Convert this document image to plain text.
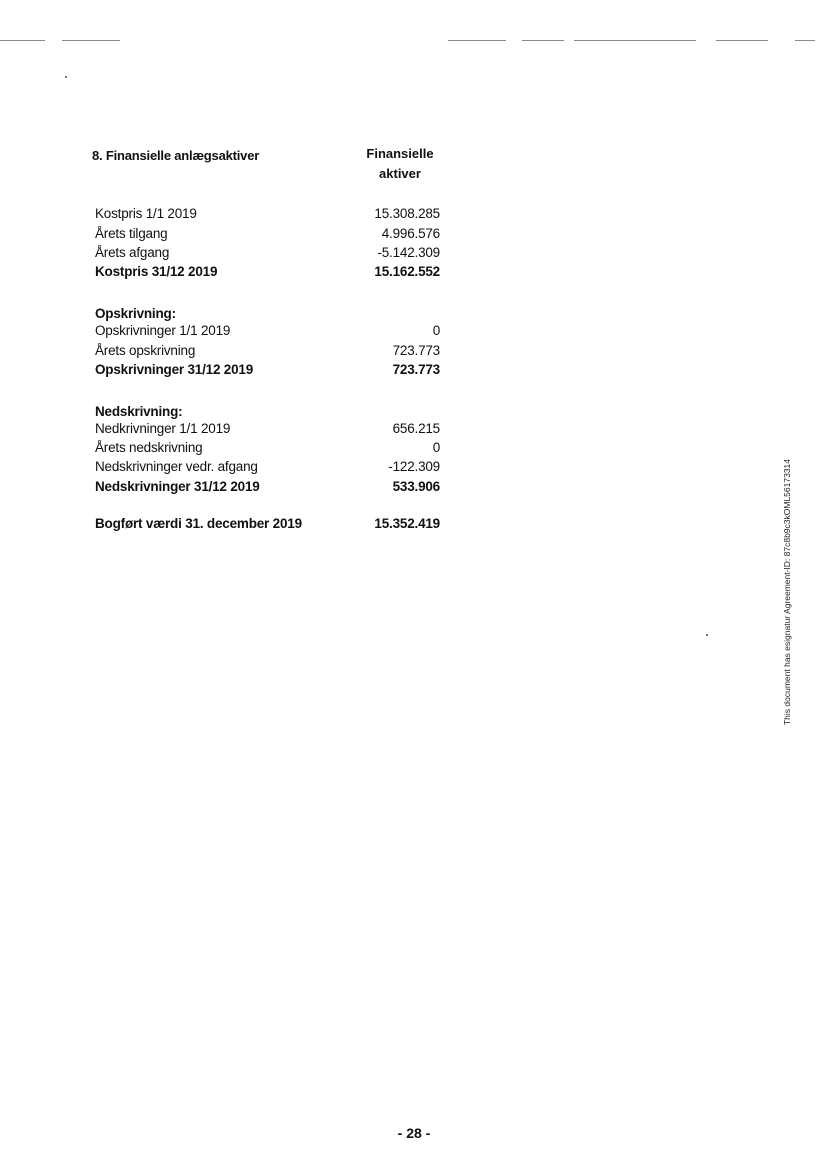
8. Finansielle anlægsaktiver	Finansielle
aktiver
Kostpris 1/1 2019	15.308.285
Årets tilgang	4.996.576
Årets afgang	-5.142.309
Kostpris 31/12 2019	15.162.552
Opskrivning:
Opskrivninger 1/1 2019	0
Årets opskrivning	723.773
Opskrivninger 31/12 2019	723.773
Nedskrivning:
Nedkrivninger 1/1 2019	656.215
Årets nedskrivning	0
Nedskrivninger vedr. afgang	-122.309
Nedskrivninger 31/12 2019	533.906
Bogført værdi 31. december 2019	15.352.419	This document has esignatur Agreement-ID: 87c8b9c3kOML56173314
- 28 -
